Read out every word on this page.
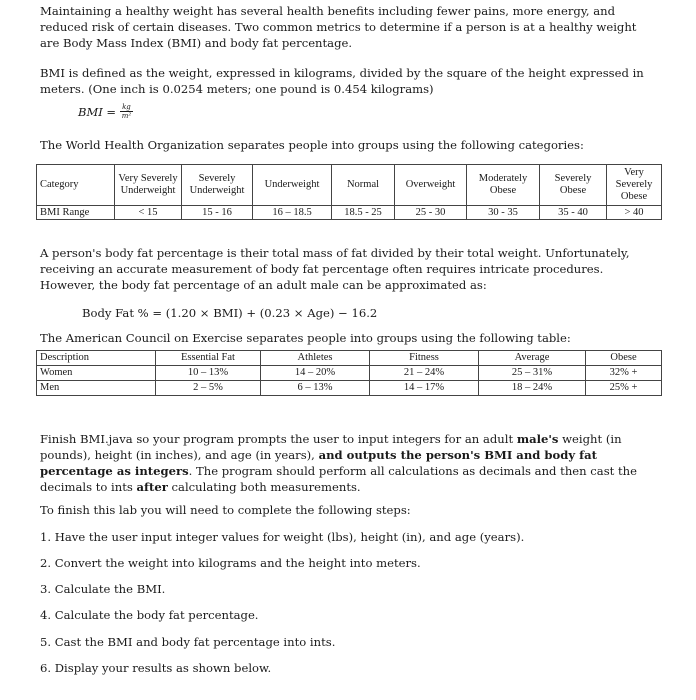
Maintaining a healthy weight has several health benefits including fewer pains, more energy, and reduced risk of certain diseases. Two common metrics to determine if a person is at a healthy weight are Body Mass Index (BMI) and body fat percentage.

BMI is defined as the weight, expressed in kilograms, divided by the square of the height expressed in meters. (One inch is 0.0254 meters; one pound is 0.454 kilograms)

BMI = $\frac{kg}{\text{m²}}$

The World Health Organization separates people into groups using the following categories:

Category	Very Severely Underweight	Severely Underweight	Underweight	Normal	Overweight	Moderately Obese	Severely Obese	Very Severely Obese
BMI Range	< 15	15 - 16	16 – 18.5	18.5 - 25	25 - 30	30 - 35	35 - 40	> 40

A person's body fat percentage is their total mass of fat divided by their total weight. Unfortunately, receiving an accurate measurement of body fat percentage often requires intricate procedures. However, the body fat percentage of an adult male can be approximated as:

Body Fat % = (1.20 × BMI) + (0.23 × Age) − 16.2

The American Council on Exercise separates people into groups using the following table:

Description	Essential Fat	Athletes	Fitness	Average	Obese
Women	10 – 13%	14 – 20%	21 – 24%	25 – 31%	32% +
Men	2 – 5%	6 – 13%	14 – 17%	18 – 24%	25% +

Finish BMI.java so your program prompts the user to input integers for an adult male's weight (in pounds), height (in inches), and age (in years), and outputs the person's BMI and body fat percentage as integers. The program should perform all calculations as decimals and then cast the decimals to ints after calculating both measurements.

To finish this lab you will need to complete the following steps:

1. Have the user input integer values for weight (lbs), height (in), and age (years).

2. Convert the weight into kilograms and the height into meters.

3. Calculate the BMI.

4. Calculate the body fat percentage.

5. Cast the BMI and body fat percentage into ints.

6. Display your results as shown below.
